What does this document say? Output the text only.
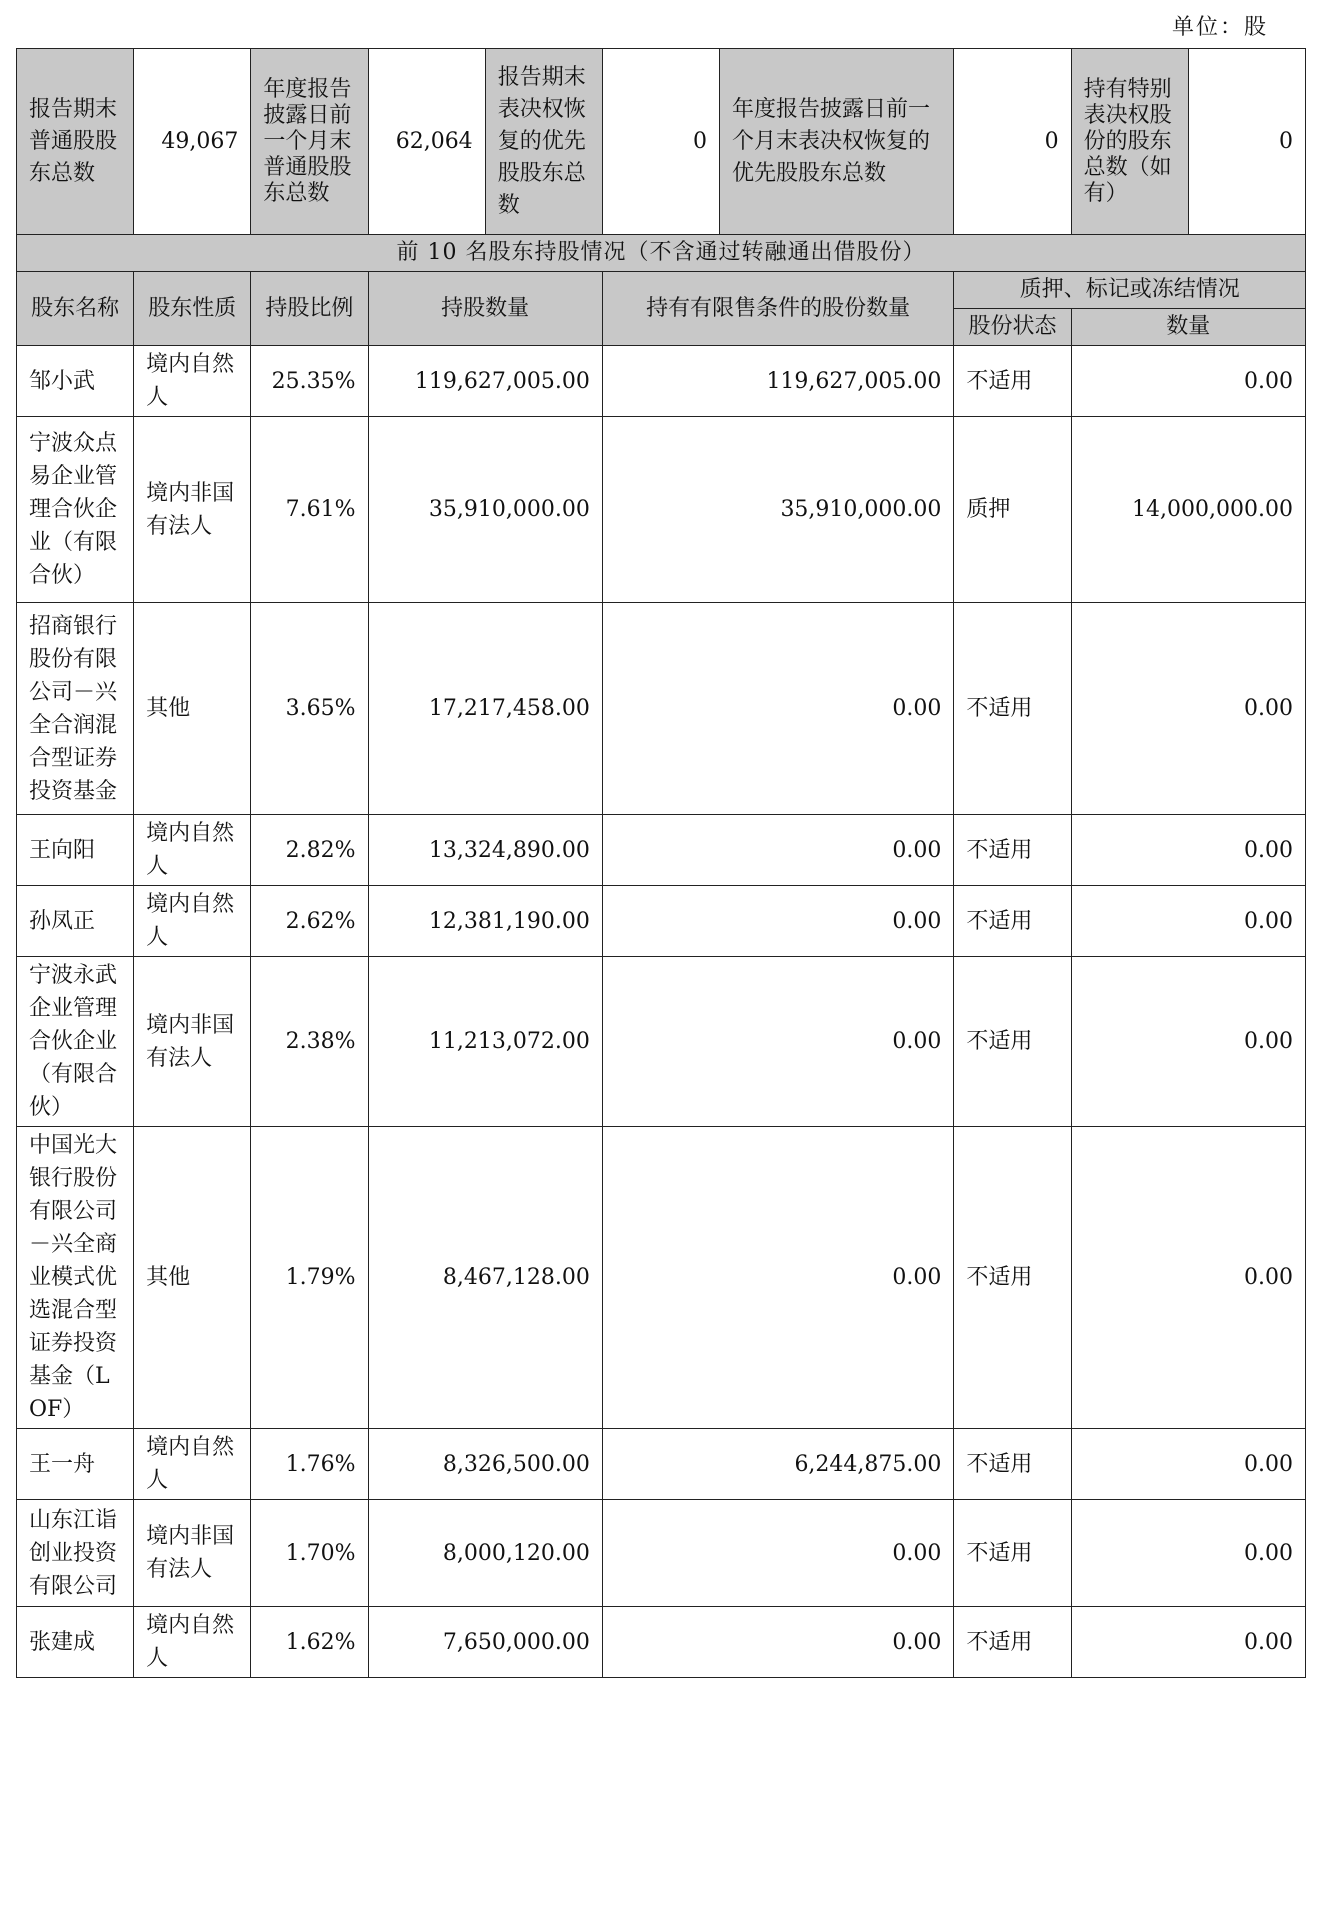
单位：股
报告期末普通股股东总数	49,067	年度报告披露日前一个月末普通股股东总数	62,064	报告期末表决权恢复的优先股股东总数	0	年度报告披露日前一个月末表决权恢复的优先股股东总数	0	持有特别表决权股份的股东总数（如有）	0
前 10 名股东持股情况（不含通过转融通出借股份）									
股东名称	股东性质	持股比例	持股数量		持有有限售条件的股份数量		质押、标记或冻结情况		
							股份状态	数量	
邹小武	境内自然人	25.35%	119,627,005.00		119,627,005.00		不适用	0.00	
宁波众点易企业管理合伙企业（有限合伙）	境内非国有法人	7.61%	35,910,000.00		35,910,000.00		质押	14,000,000.00	
招商银行股份有限公司－兴全合润混合型证券投资基金	其他	3.65%	17,217,458.00		0.00		不适用	0.00	
王向阳	境内自然人	2.82%	13,324,890.00		0.00		不适用	0.00	
孙凤正	境内自然人	2.62%	12,381,190.00		0.00		不适用	0.00	
宁波永武企业管理合伙企业（有限合伙）	境内非国有法人	2.38%	11,213,072.00		0.00		不适用	0.00	
中国光大银行股份有限公司－兴全商业模式优选混合型证券投资基金（LOF）	其他	1.79%	8,467,128.00		0.00		不适用	0.00	
王一舟	境内自然人	1.76%	8,326,500.00		6,244,875.00		不适用	0.00	
山东江诣创业投资有限公司	境内非国有法人	1.70%	8,000,120.00		0.00		不适用	0.00	
张建成	境内自然人	1.62%	7,650,000.00		0.00		不适用	0.00	
